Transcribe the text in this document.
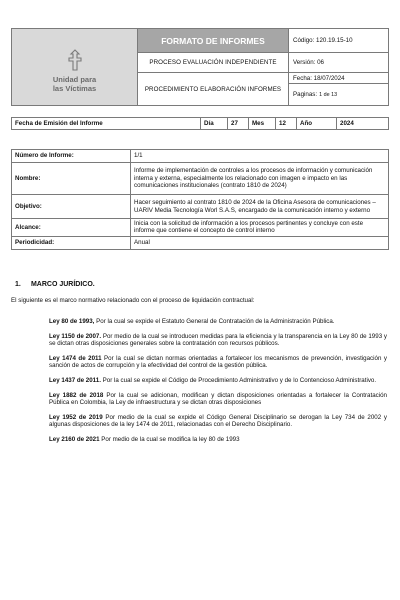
Unidad para
las Víctimas
FORMATO DE INFORMES
PROCESO EVALUACIÓN INDEPENDIENTE
PROCEDIMIENTO ELABORACIÓN INFORMES
Código: 120.19.15-10
Versión: 06
Fecha: 18/07/2024
Paginas: 1 de 13
Fecha de Emisión del Informe	Día	27	Mes	12	Año	2024
Número de Informe:	1/1
Nombre:	Informe de implementación de controles a los procesos de información y comunicación interna y externa, especialmente los relacionado con imagen e impacto en las comunicaciones institucionales (contrato 1810 de 2024)
Objetivo:	Hacer seguimiento al contrato 1810 de 2024 de la Oficina Asesora de comunicaciones – UARIV Media Tecnología Worl S.A.S, encargado de la comunicación interno y externo
Alcance:	Inicia con la solicitud de información a los procesos pertinentes y concluye con este informe que contiene el concepto de control interno
Periodicidad:	Anual
1. MARCO JURÍDICO.
El siguiente es el marco normativo relacionado con el proceso de liquidación contractual:

Ley 80 de 1993, Por la cual se expide el Estatuto General de Contratación de la Administración Pública.

Ley 1150 de 2007. Por medio de la cual se introducen medidas para la eficiencia y la transparencia en la Ley 80 de 1993 y se dictan otras disposiciones generales sobre la contratación con recursos públicos.

Ley 1474 de 2011 Por la cual se dictan normas orientadas a fortalecer los mecanismos de prevención, investigación y sanción de actos de corrupción y la efectividad del control de la gestión pública.

Ley 1437 de 2011. Por la cual se expide el Código de Procedimiento Administrativo y de lo Contencioso Administrativo.

Ley 1882 de 2018 Por la cual se adicionan, modifican y dictan disposiciones orientadas a fortalecer la Contratación Pública en Colombia, la Ley de infraestructura y se dictan otras disposiciones

Ley 1952 de 2019 Por medio de la cual se expide el Código General Disciplinario se derogan la Ley 734 de 2002 y algunas disposiciones de la ley 1474 de 2011, relacionadas con el Derecho Disciplinario.

Ley 2160 de 2021 Por medio de la cual se modifica la ley 80 de 1993
